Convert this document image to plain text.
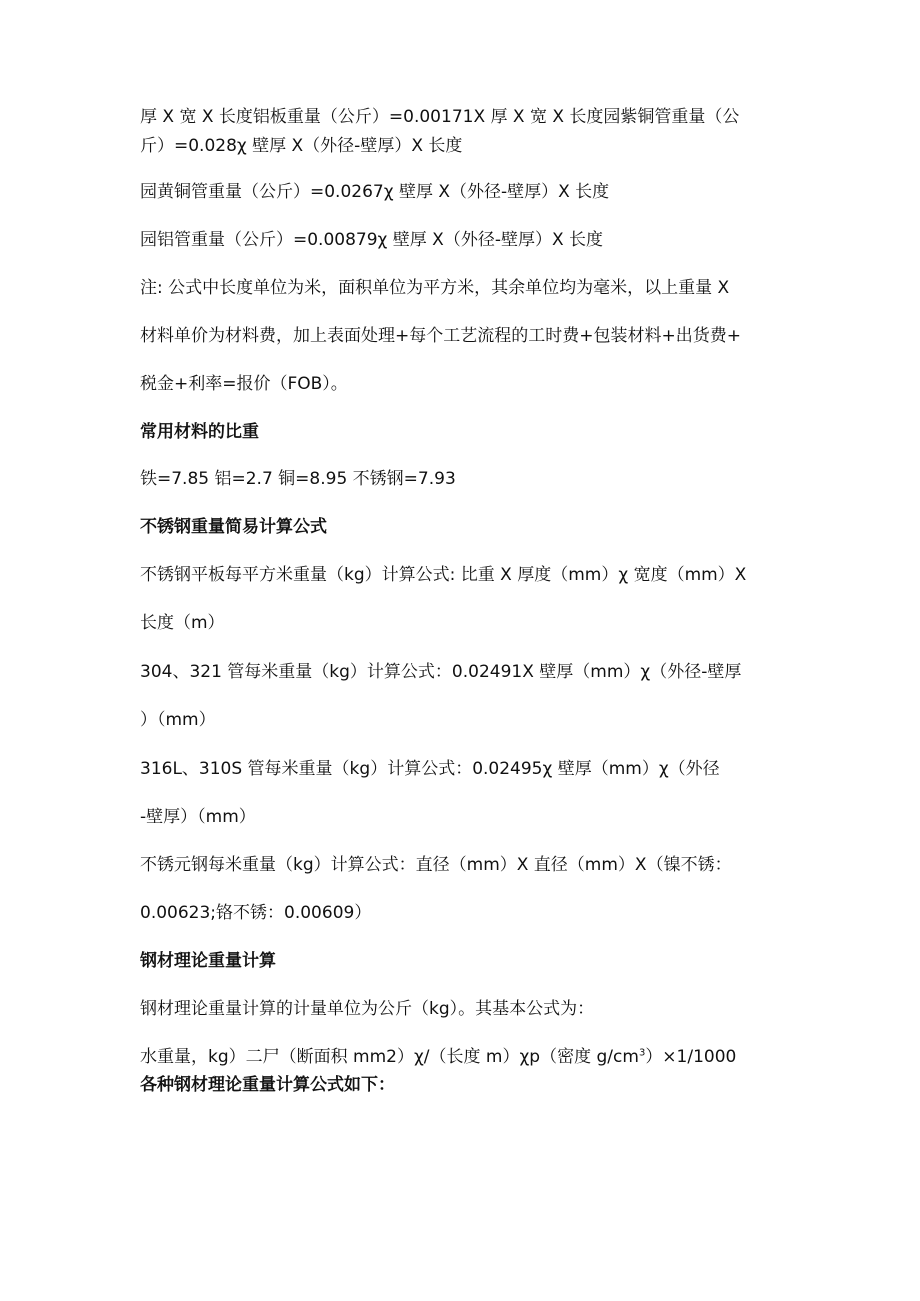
厚 X 宽 X 长度铝板重量（公斤）=0.00171X 厚 X 宽 X 长度园紫铜管重量（公
斤）=0.028χ 壁厚 X（外径-壁厚）X 长度
园黄铜管重量（公斤）=0.0267χ 壁厚 X（外径-壁厚）X 长度
园铝管重量（公斤）=0.00879χ 壁厚 X（外径-壁厚）X 长度
注: 公式中长度单位为米，面积单位为平方米，其余单位均为毫米，以上重量 X
材料单价为材料费，加上表面处理+每个工艺流程的工时费+包装材料+出货费+
税金+利率=报价（FOB）。
常用材料的比重
铁=7.85 铝=2.7 铜=8.95 不锈钢=7.93
不锈钢重量简易计算公式
不锈钢平板每平方米重量（kg）计算公式: 比重 X 厚度（mm）χ 宽度（mm）X
长度（m）
304、321 管每米重量（kg）计算公式：0.02491X 壁厚（mm）χ（外径-壁厚
）（mm）
316L、310S 管每米重量（kg）计算公式：0.02495χ 壁厚（mm）χ（外径
-壁厚）（mm）
不锈元钢每米重量（kg）计算公式：直径（mm）X 直径（mm）X（镍不锈：
0.00623;铬不锈：0.00609）
钢材理论重量计算
钢材理论重量计算的计量单位为公斤（kg）。其基本公式为：
水重量，kg）二尸（断面积 mm2）χ/（长度 m）χp（密度 $g/cm^3)\times 1/1000$
各种钢材理论重量计算公式如下：
